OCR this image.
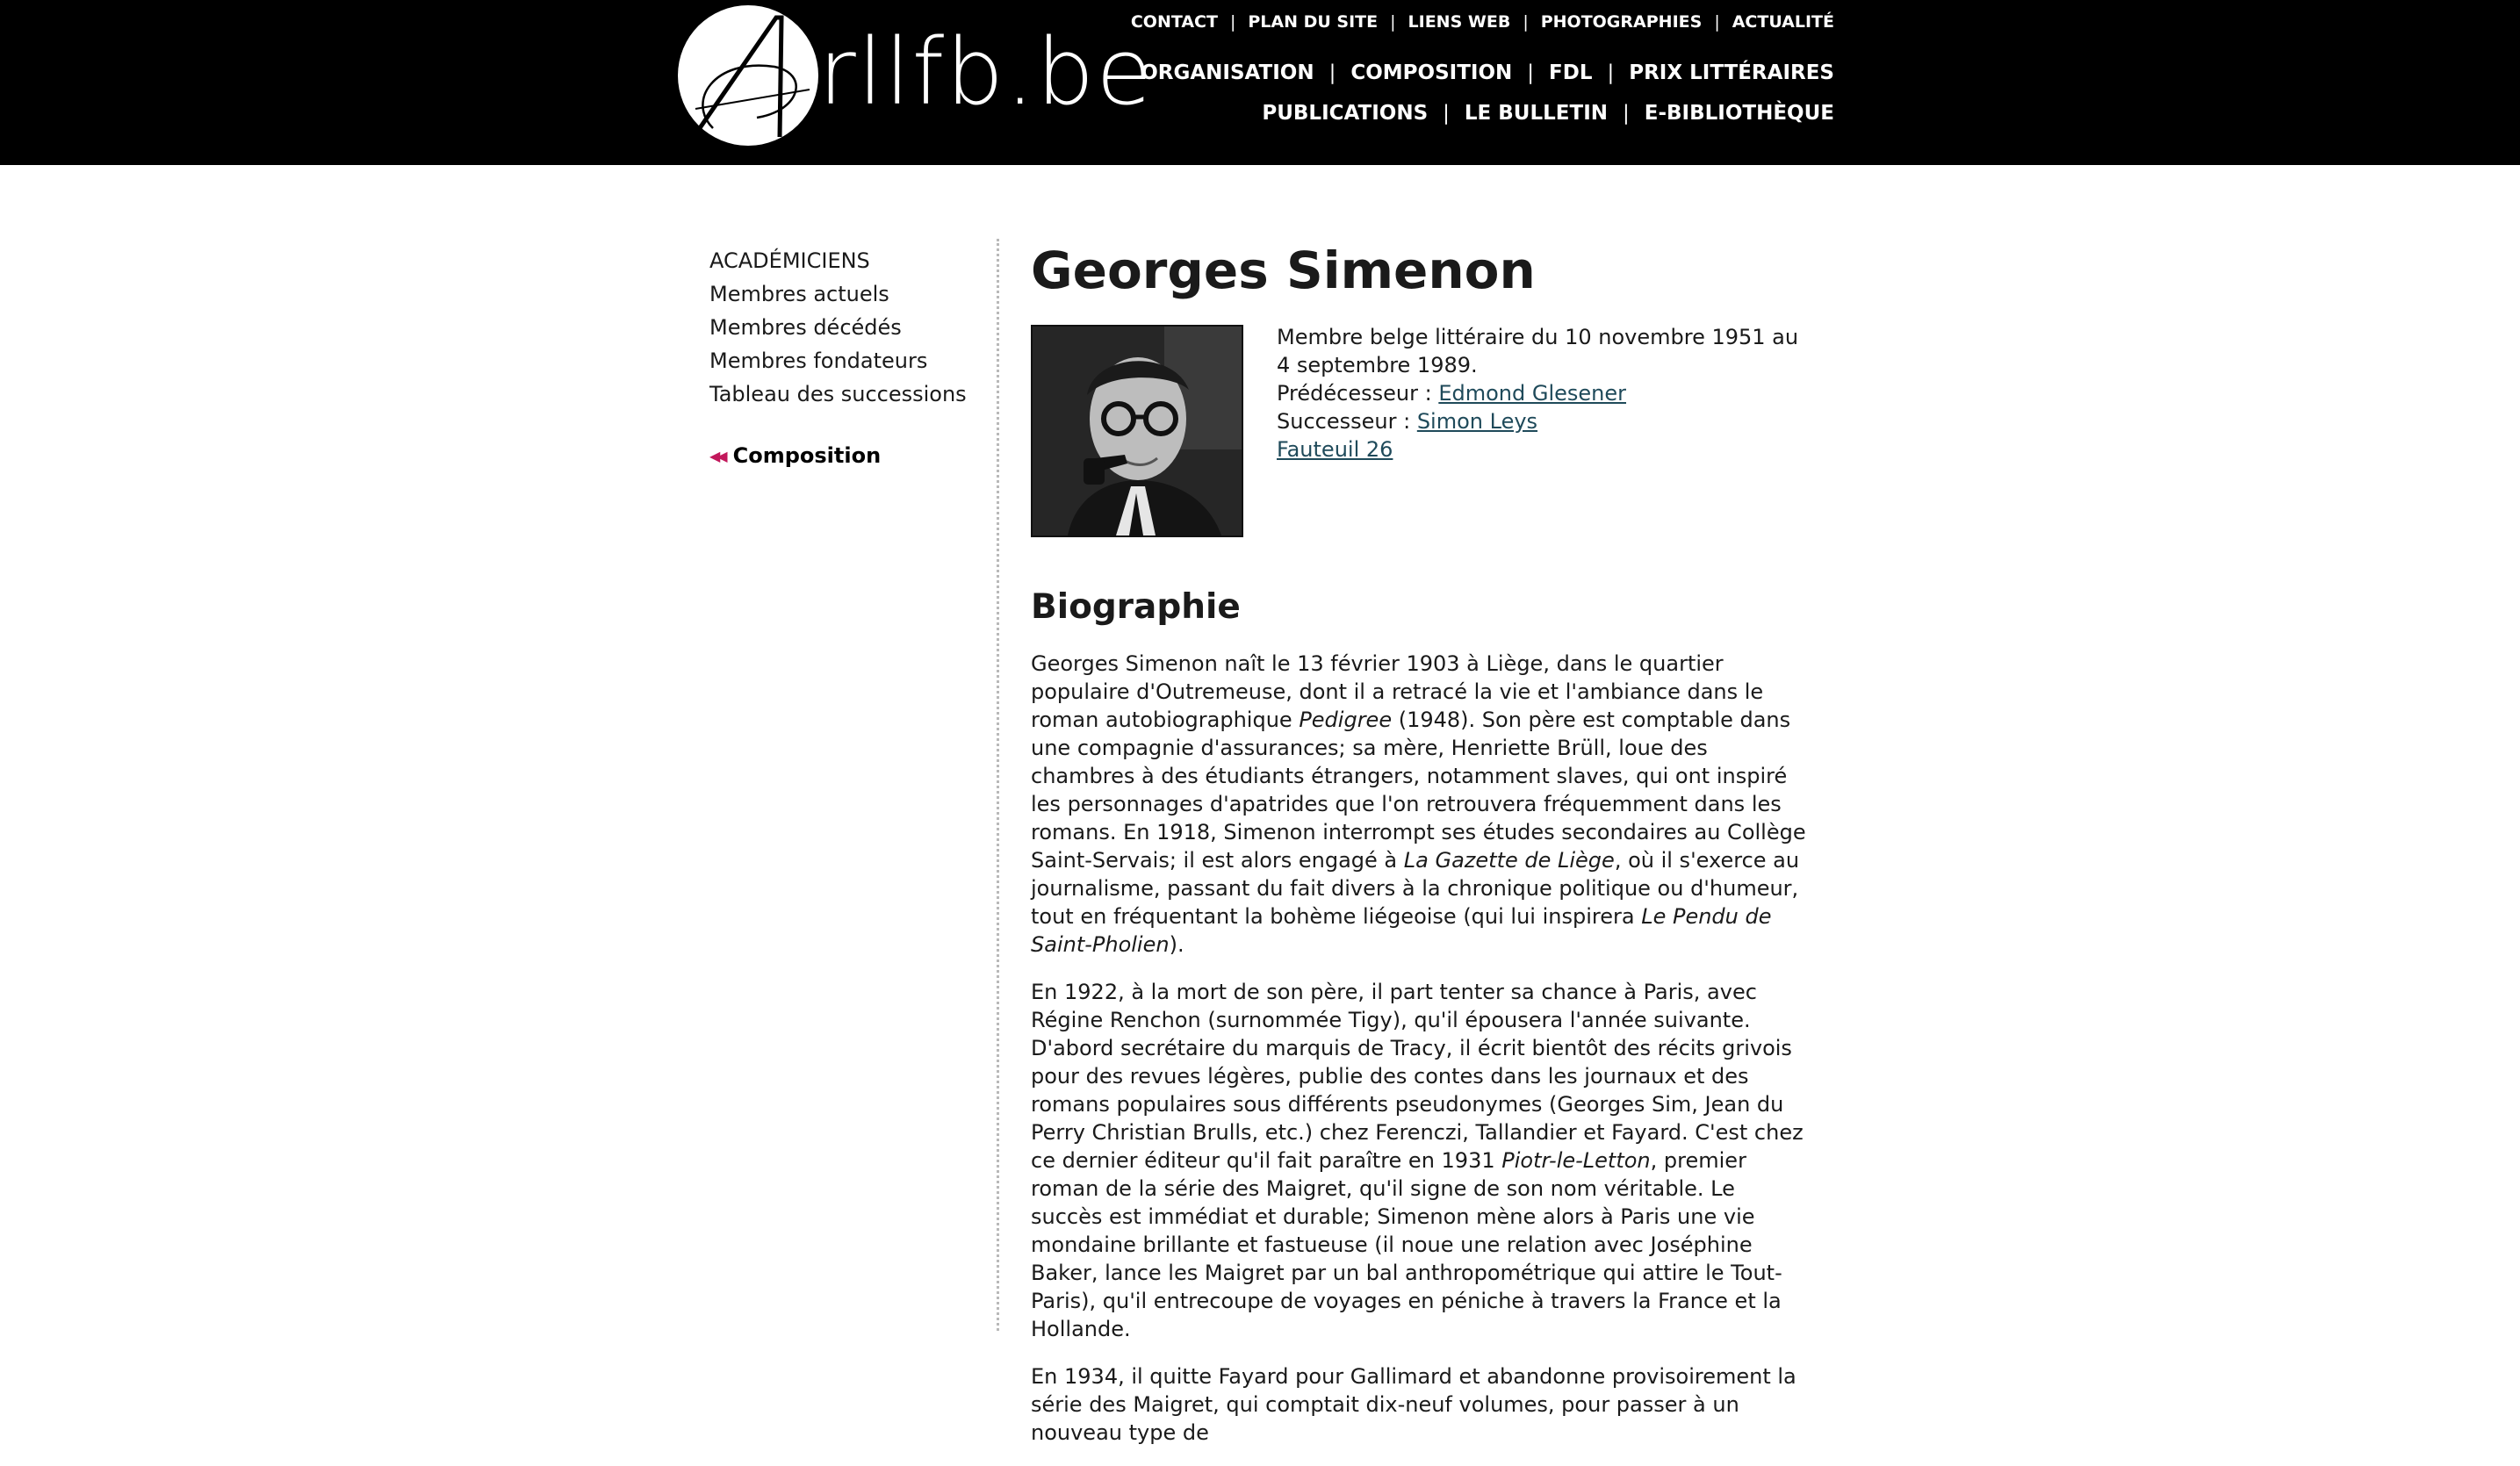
rllfb.be
CONTACT | PLAN DU SITE | LIENS WEB | PHOTOGRAPHIES | ACTUALITÉ
ORGANISATION | COMPOSITION | FDL | PRIX LITTÉRAIRES
PUBLICATIONS | LE BULLETIN | E-BIBLIOTHÈQUE
ACADÉMICIENS
Membres actuels
Membres décédés
Membres fondateurs
Tableau des successions
◀◀ Composition
Georges Simenon
Membre belge littéraire du 10 novembre 1951 au 4 septembre 1989.
Prédécesseur : Edmond Glesener
Successeur : Simon Leys
Fauteuil 26
Biographie

Georges Simenon naît le 13 février 1903 à Liège, dans le quartier populaire d'Outremeuse, dont il a retracé la vie et l'ambiance dans le roman autobiographique Pedigree (1948). Son père est comptable dans une compagnie d'assurances; sa mère, Henriette Brüll, loue des chambres à des étudiants étrangers, notamment slaves, qui ont inspiré les personnages d'apatrides que l'on retrouvera fréquemment dans les romans. En 1918, Simenon interrompt ses études secondaires au Collège Saint-Servais; il est alors engagé à La Gazette de Liège, où il s'exerce au journalisme, passant du fait divers à la chronique politique ou d'humeur, tout en fréquentant la bohème liégeoise (qui lui inspirera Le Pendu de Saint-Pholien).

En 1922, à la mort de son père, il part tenter sa chance à Paris, avec Régine Renchon (surnommée Tigy), qu'il épousera l'année suivante. D'abord secrétaire du marquis de Tracy, il écrit bientôt des récits grivois pour des revues légères, publie des contes dans les journaux et des romans populaires sous différents pseudonymes (Georges Sim, Jean du Perry Christian Brulls, etc.) chez Ferenczi, Tallandier et Fayard. C'est chez ce dernier éditeur qu'il fait paraître en 1931 Piotr-le-Letton, premier roman de la série des Maigret, qu'il signe de son nom véritable. Le succès est immédiat et durable; Simenon mène alors à Paris une vie mondaine brillante et fastueuse (il noue une relation avec Joséphine Baker, lance les Maigret par un bal anthropométrique qui attire le Tout-Paris), qu'il entrecoupe de voyages en péniche à travers la France et la Hollande.

En 1934, il quitte Fayard pour Gallimard et abandonne provisoirement la série des Maigret, qui comptait dix-neuf volumes, pour passer à un nouveau type de
